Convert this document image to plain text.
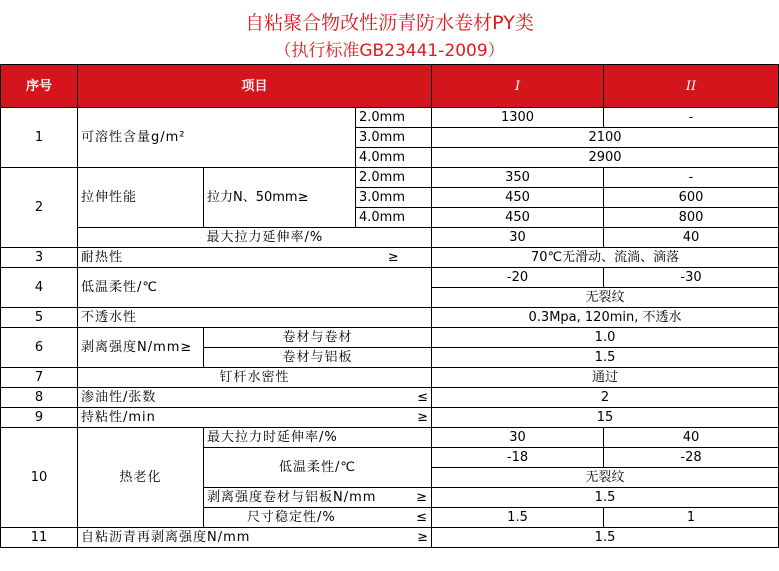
自粘聚合物改性沥青防水卷材PY类
（执行标准GB23441-2009）
序号	项目			I	II
1	可溶性含量g/m²		2.0mm	1300	-
			3.0mm	2100	
			4.0mm	2900	
2	拉伸性能	拉力N、50mm≥	2.0mm	350	-
			3.0mm	450	600
			4.0mm	450	800
		最大拉力延伸率/%		30	40
3	耐热性		≥	70℃无滑动、流淌、滴落	
4	低温柔性/℃			-20	-30
				无裂纹	
5	不透水性			0.3Mpa, 120min, 不透水	
6	剥离强度N/mm≥	卷材与卷材		1.0	
		卷材与铝板		1.5	
7	钉杆水密性			通过	
8	渗油性/张数		≤	2	
9	持粘性/min		≥	15	
10	热老化	最大拉力时延伸率/%		30	40
		低温柔性/℃		-18	-28
				无裂纹	

		剥离强度卷材与铝板N/mm ≥		1.5	
		尺寸稳定性/% ≤		1.5	1
11	自粘沥青再剥离强度N/mm		≥	1.5	
